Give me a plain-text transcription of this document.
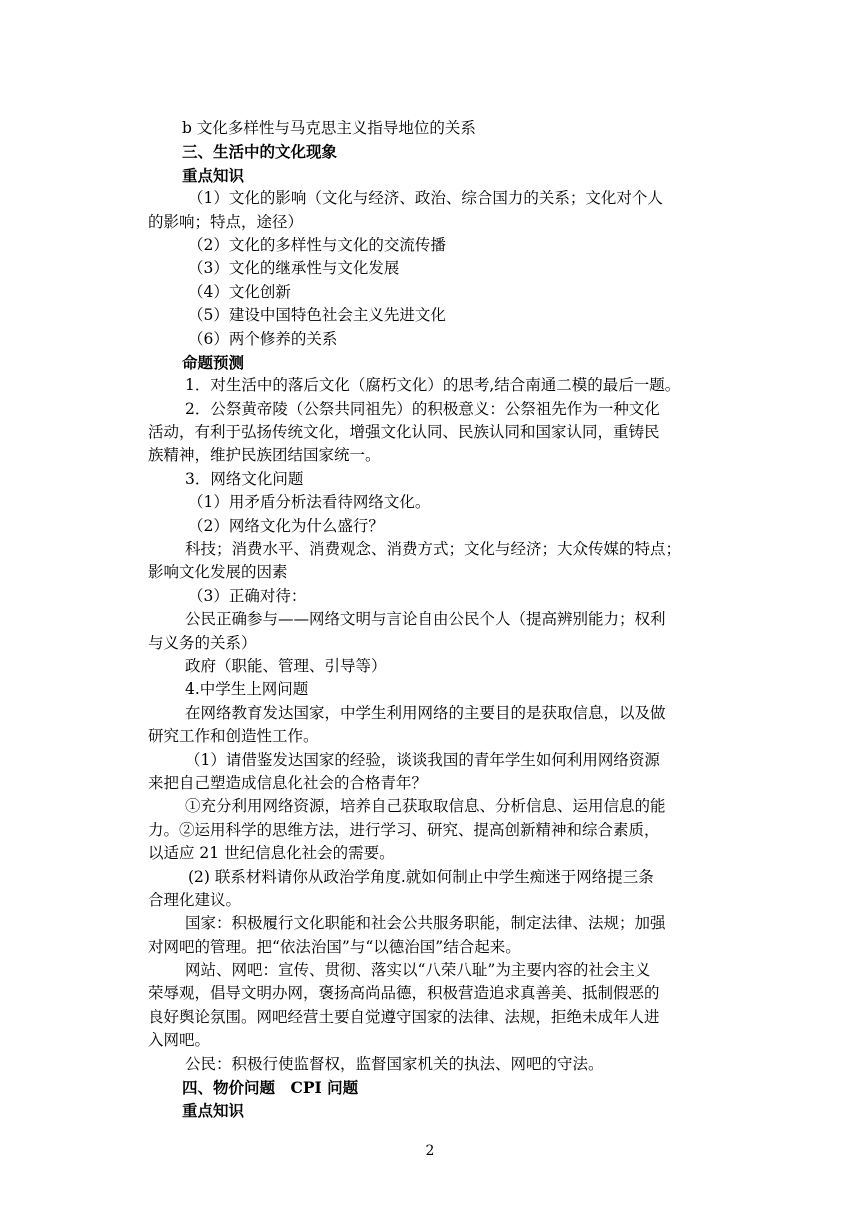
b 文化多样性与马克思主义指导地位的关系
三、生活中的文化现象
重点知识
（1）文化的影响（文化与经济、政治、综合国力的关系；文化对个人
的影响；特点，途径）
（2）文化的多样性与文化的交流传播
（3）文化的继承性与文化发展
（4）文化创新
（5）建设中国特色社会主义先进文化
（6）两个修养的关系
命题预测
1．对生活中的落后文化（腐朽文化）的思考,结合南通二模的最后一题。
2．公祭黄帝陵（公祭共同祖先）的积极意义：公祭祖先作为一种文化
活动，有利于弘扬传统文化，增强文化认同、民族认同和国家认同，重铸民
族精神，维护民族团结国家统一。
3．网络文化问题
（1）用矛盾分析法看待网络文化。
（2）网络文化为什么盛行？
科技；消费水平、消费观念、消费方式；文化与经济；大众传媒的特点；
影响文化发展的因素
（3）正确对待：
公民正确参与——网络文明与言论自由公民个人（提高辨别能力；权利
与义务的关系）
政府（职能、管理、引导等）
4.中学生上网问题
在网络教育发达国家，中学生利用网络的主要目的是获取信息，以及做
研究工作和创造性工作。
（1）请借鉴发达国家的经验，谈谈我国的青年学生如何利用网络资源
来把自己塑造成信息化社会的合格青年？
①充分利用网络资源，培养自己获取取信息、分析信息、运用信息的能
力。②运用科学的思维方法，进行学习、研究、提高创新精神和综合素质，
以适应 21 世纪信息化社会的需要。
(2) 联系材料请你从政治学角度.就如何制止中学生痴迷于网络提三条
合理化建议。
国家：积极履行文化职能和社会公共服务职能，制定法律、法规；加强
对网吧的管理。把“依法治国”与“以德治国”结合起来。
网站、网吧：宣传、贯彻、落实以“八荣八耻”为主要内容的社会主义
荣辱观，倡导文明办网，褒扬高尚品德，积极营造追求真善美、抵制假恶的
良好舆论氛围。网吧经营土要自觉遵守国家的法律、法规，拒绝未成年人进
入网吧。
公民：积极行使监督权，监督国家机关的执法、网吧的守法。
四、物价问题　CPI 问题
重点知识
2
